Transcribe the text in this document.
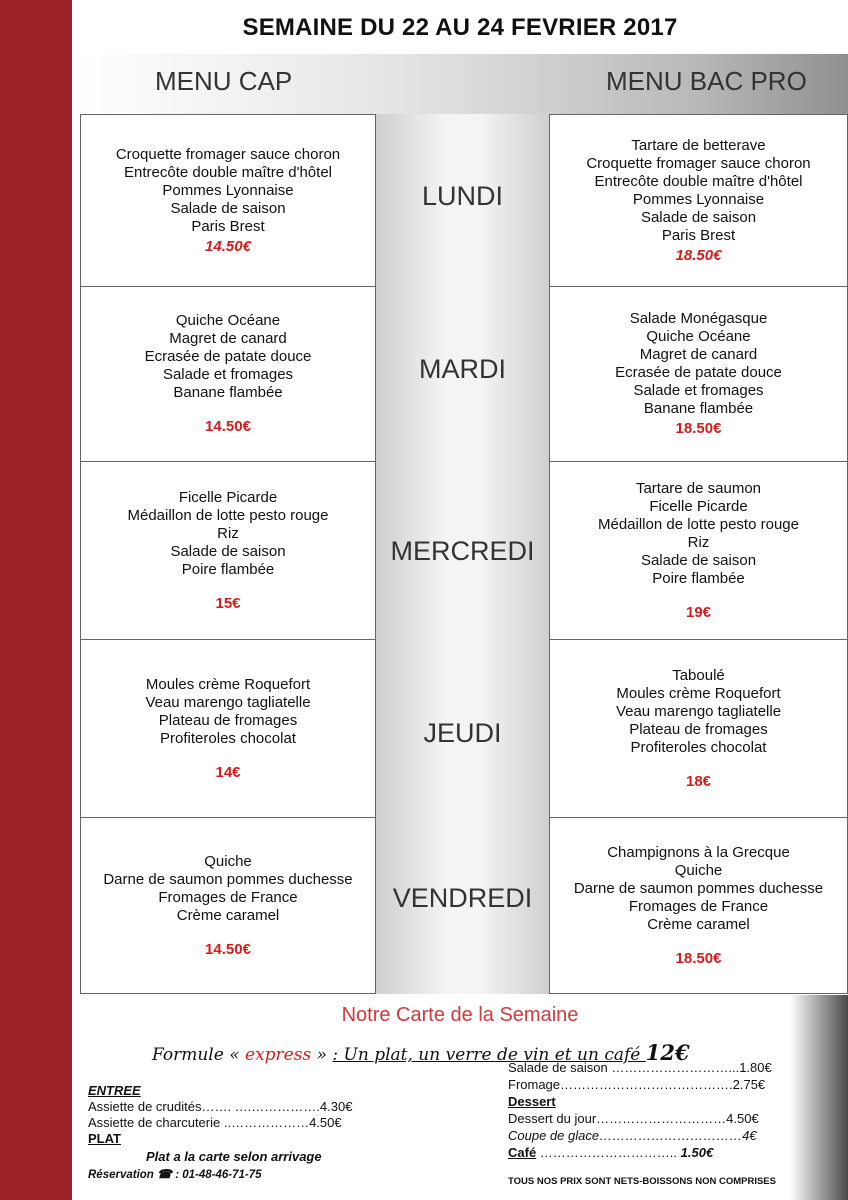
SEMAINE DU 22 AU 24 FEVRIER 2017
MENU CAP	MENU BAC PRO
Croquette fromager sauce choron
Entrecôte double maître d'hôtel
Pommes Lyonnaise
Salade de saison
Paris Brest
14.50€
LUNDI
Tartare de betterave
Croquette fromager sauce choron
Entrecôte double maître d'hôtel
Pommes Lyonnaise
Salade de saison
Paris Brest
18.50€
Quiche Océane
Magret de canard
Ecrasée de patate douce
Salade et fromages
Banane flambée
14.50€
MARDI
Salade Monégasque
Quiche Océane
Magret de canard
Ecrasée de patate douce
Salade et fromages
Banane flambée
18.50€
Ficelle Picarde
Médaillon de lotte pesto rouge
Riz
Salade de saison
Poire flambée
15€
MERCREDI
Tartare de saumon
Ficelle Picarde
Médaillon de lotte pesto rouge
Riz
Salade de saison
Poire flambée
19€
Moules crème Roquefort
Veau marengo tagliatelle
Plateau de fromages
Profiteroles chocolat
14€
JEUDI
Taboulé
Moules crème Roquefort
Veau marengo tagliatelle
Plateau de fromages
Profiteroles chocolat
18€
Quiche
Darne de saumon pommes duchesse
Fromages de France
Crème caramel
14.50€
VENDREDI
Champignons à la Grecque
Quiche
Darne de saumon pommes duchesse
Fromages de France
Crème caramel
18.50€
Notre Carte de la Semaine
Formule « express » : Un plat, un verre de vin et un café 12€
ENTREE
Assiette de crudités……. ….…………….4.30€
Assiette de charcuterie ..………………4.50€
PLAT
Plat a la carte selon arrivage
Réservation ☎ : 01-48-46-71-75
Salade de saison ………………………...1.80€
Fromage………………………………….2.75€
Dessert
Dessert du jour…………………………4.50€
Coupe de glace……………………………4€
Café ………………………….. 1.50€
TOUS NOS PRIX SONT NETS-BOISSONS NON COMPRISES
